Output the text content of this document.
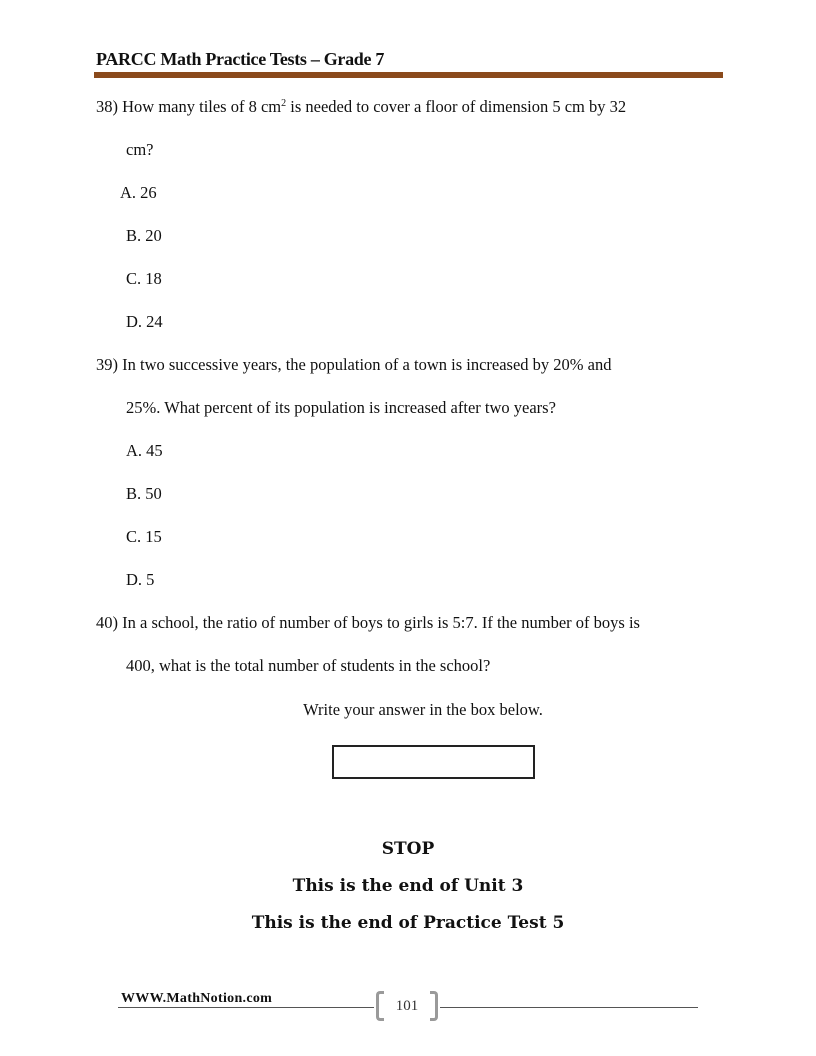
PARCC Math Practice Tests – Grade 7
38) How many tiles of 8 $cm^2$ is needed to cover a floor of dimension 5 cm by 32
cm?
A. 26
B. 20
C. 18
D. 24
39) In two successive years, the population of a town is increased by 20% and
25%. What percent of its population is increased after two years?
A. 45
B. 50
C. 15
D. 5
40) In a school, the ratio of number of boys to girls is 5:7. If the number of boys is
400, what is the total number of students in the school?
Write your answer in the box below.
STOP
This is the end of Unit 3
This is the end of Practice Test 5
WWW.MathNotion.com	101
